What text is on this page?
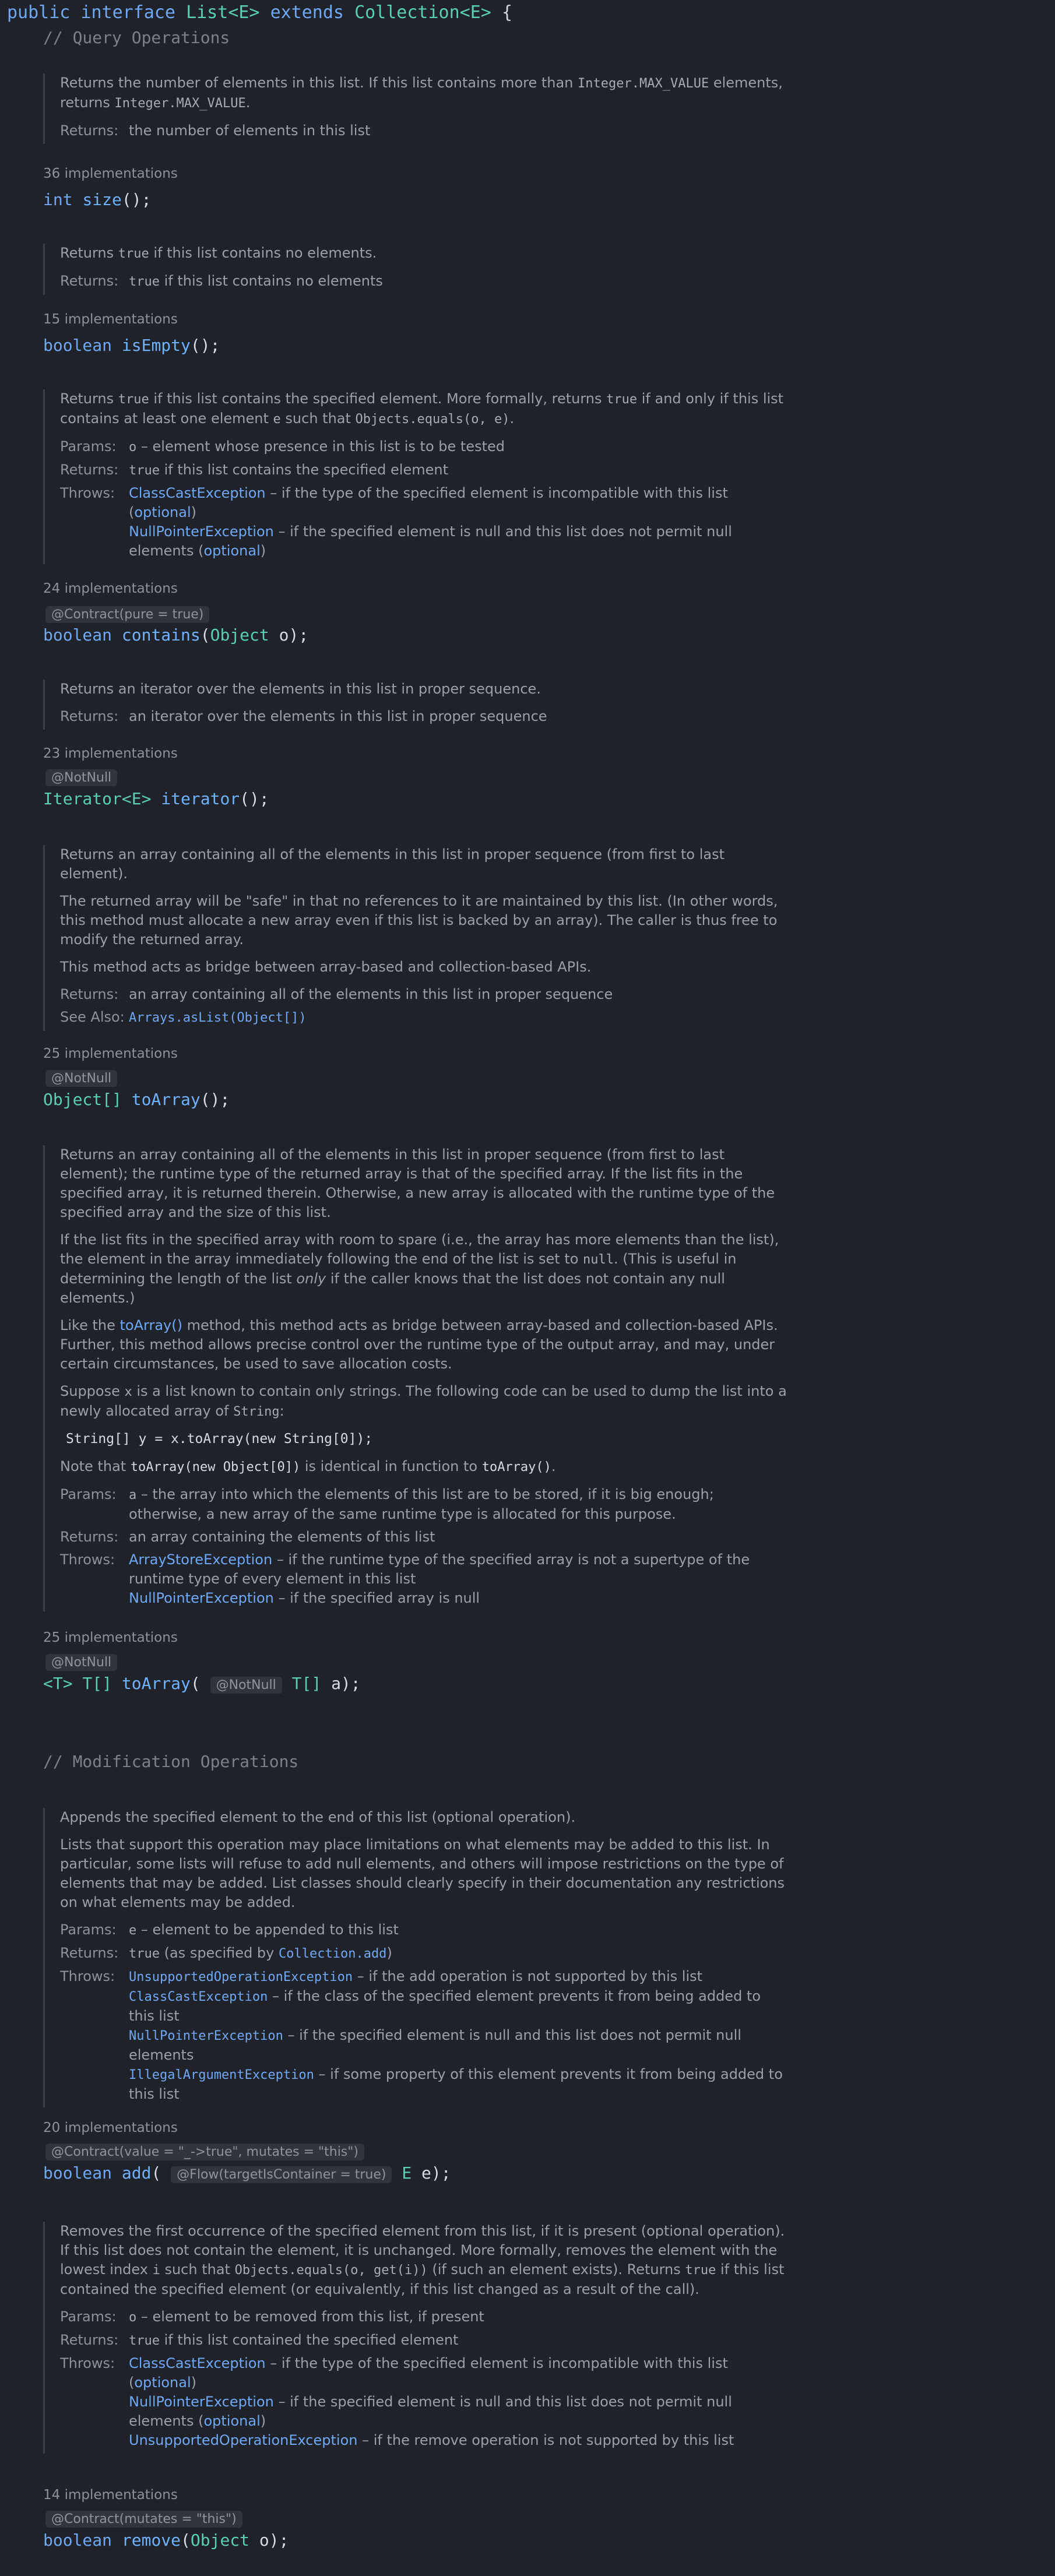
public interface List<E> extends Collection<E> {
// Query Operations

Returns the number of elements in this list. If this list contains more than Integer.MAX_VALUE elements, returns Integer.MAX_VALUE.

Returns: the number of elements in this list
36 implementations
int size();

Returns true if this list contains no elements.

Returns: true if this list contains no elements
15 implementations
boolean isEmpty();

Returns true if this list contains the specified element. More formally, returns true if and only if this list contains at least one element e such that Objects.equals(o, e).

Params: o – element whose presence in this list is to be tested
Returns: true if this list contains the specified element
Throws: ClassCastException – if the type of the specified element is incompatible with this list (optional)
NullPointerException – if the specified element is null and this list does not permit null elements (optional)
24 implementations
@Contract(pure = true)
boolean contains(Object o);

Returns an iterator over the elements in this list in proper sequence.

Returns: an iterator over the elements in this list in proper sequence
23 implementations
@NotNull
Iterator<E> iterator();

Returns an array containing all of the elements in this list in proper sequence (from first to last element).

The returned array will be "safe" in that no references to it are maintained by this list. (In other words, this method must allocate a new array even if this list is backed by an array). The caller is thus free to modify the returned array.

This method acts as bridge between array-based and collection-based APIs.

Returns: an array containing all of the elements in this list in proper sequence
See Also: Arrays.asList(Object[])
25 implementations
@NotNull
Object[] toArray();

Returns an array containing all of the elements in this list in proper sequence (from first to last element); the runtime type of the returned array is that of the specified array. If the list fits in the specified array, it is returned therein. Otherwise, a new array is allocated with the runtime type of the specified array and the size of this list.

If the list fits in the specified array with room to spare (i.e., the array has more elements than the list), the element in the array immediately following the end of the list is set to null. (This is useful in determining the length of the list only if the caller knows that the list does not contain any null elements.)

Like the toArray() method, this method acts as bridge between array-based and collection-based APIs. Further, this method allows precise control over the runtime type of the output array, and may, under certain circumstances, be used to save allocation costs.

Suppose x is a list known to contain only strings. The following code can be used to dump the list into a newly allocated array of String:

String[] y = x.toArray(new String[0]);

Note that toArray(new Object[0]) is identical in function to toArray().

Params: a – the array into which the elements of this list are to be stored, if it is big enough; otherwise, a new array of the same runtime type is allocated for this purpose.
Returns: an array containing the elements of this list
Throws: ArrayStoreException – if the runtime type of the specified array is not a supertype of the runtime type of every element in this list
NullPointerException – if the specified array is null
25 implementations
@NotNull
<T> T[] toArray( @NotNull T[] a);
// Modification Operations

Appends the specified element to the end of this list (optional operation).

Lists that support this operation may place limitations on what elements may be added to this list. In particular, some lists will refuse to add null elements, and others will impose restrictions on the type of elements that may be added. List classes should clearly specify in their documentation any restrictions on what elements may be added.

Params: e – element to be appended to this list
Returns: true (as specified by Collection.add)
Throws:	UnsupportedOperationException – if the add operation is not supported by this list
ClassCastException – if the class of the specified element prevents it from being added to this list
NullPointerException – if the specified element is null and this list does not permit null elements
IllegalArgumentException – if some property of this element prevents it from being added to this list
20 implementations
@Contract(value = "_->true", mutates = "this")
boolean add( @Flow(targetIsContainer = true) E e);

Removes the first occurrence of the specified element from this list, if it is present (optional operation). If this list does not contain the element, it is unchanged. More formally, removes the element with the lowest index i such that Objects.equals(o, get(i)) (if such an element exists). Returns true if this list contained the specified element (or equivalently, if this list changed as a result of the call).

Params: o – element to be removed from this list, if present
Returns: true if this list contained the specified element
Throws: ClassCastException – if the type of the specified element is incompatible with this list (optional)
NullPointerException – if the specified element is null and this list does not permit null elements (optional)
UnsupportedOperationException – if the remove operation is not supported by this list
14 implementations
@Contract(mutates = "this")
boolean remove(Object o);
